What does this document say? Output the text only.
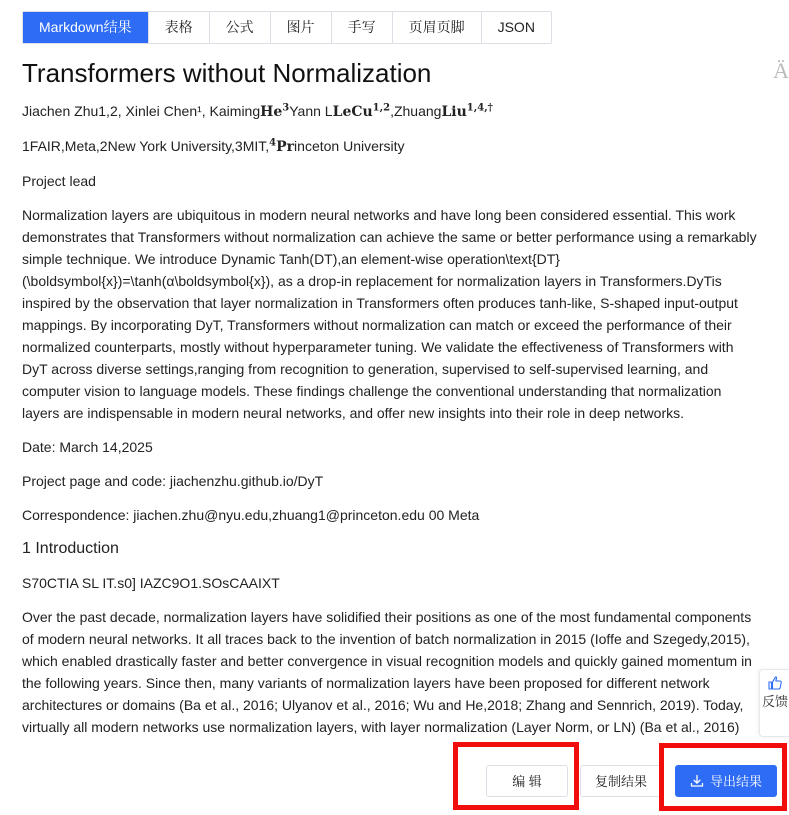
Markdown结果	表格	公式	图片	手写	页眉页脚	JSON
Ä
Transformers without Normalization
Jiachen Zhu1,2, Xinlei Chen¹, KaimingHe$^3$Yann LLeCu$^{1,2}$,ZhuangLiu$^{1,4,\dagger}$
1FAIR,Meta,2New York University,3MIT,$^4$Princeton University
Project lead

Normalization layers are ubiquitous in modern neural networks and have long been considered essential. This work demonstrates that Transformers without normalization can achieve the same or better performance using a remarkably simple technique. We introduce Dynamic Tanh(DT),an element-wise operation\text{DT}(\boldsymbol{x})=\tanh(α\boldsymbol{x}), as a drop-in replacement for normalization layers in Transformers.DyTis inspired by the observation that layer normalization in Transformers often produces tanh-like, S-shaped input-output mappings. By incorporating DyT, Transformers without normalization can match or exceed the performance of their normalized counterparts, mostly without hyperparameter tuning. We validate the effectiveness of Transformers with DyT across diverse settings,ranging from recognition to generation, supervised to self-supervised learning, and computer vision to language models. These findings challenge the conventional understanding that normalization layers are indispensable in modern neural networks, and offer new insights into their role in deep networks.

Date: March 14,2025
Project page and code: jiachenzhu.github.io/DyT
Correspondence: jiachen.zhu@nyu.edu,zhuang1@princeton.edu 00 Meta
1 Introduction
S70CTIA SL IT.s0] IAZC9O1.SOsCAAIXT

Over the past decade, normalization layers have solidified their positions as one of the most fundamental components of modern neural networks. It all traces back to the invention of batch normalization in 2015 (Ioffe and Szegedy,2015), which enabled drastically faster and better convergence in visual recognition models and quickly gained momentum in the following years. Since then, many variants of normalization layers have been proposed for different network architectures or domains (Ba et al., 2016; Ulyanov et al., 2016; Wu and He,2018; Zhang and Sennrich, 2019). Today, virtually all modern networks use normalization layers, with layer normalization (Layer Norm, or LN) (Ba et al., 2016)

反馈
编 辑	复制结果	导出结果
